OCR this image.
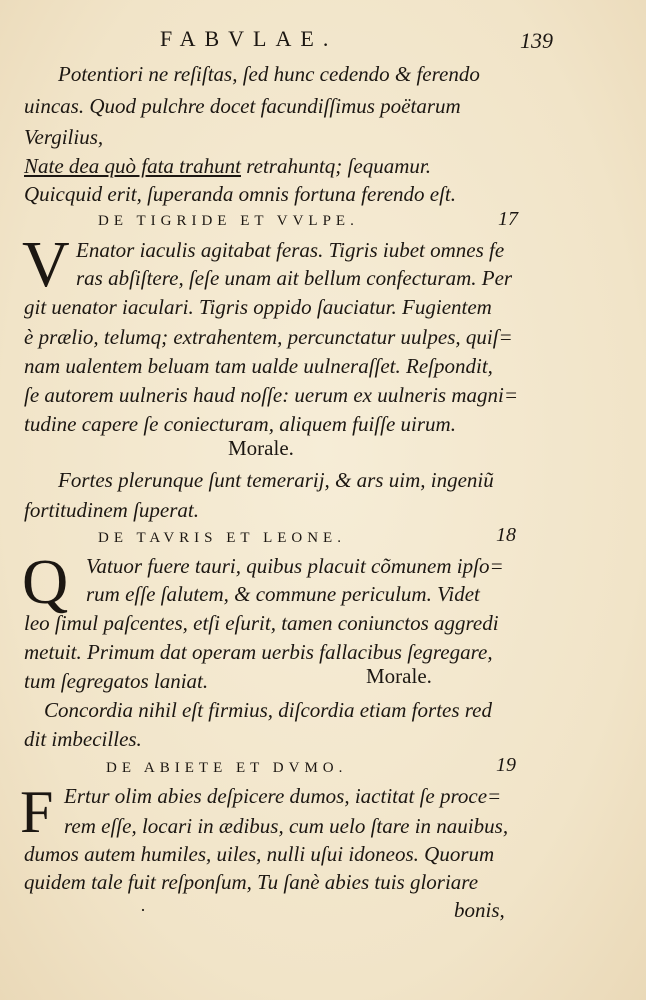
FABVLAE.	139
Potentiori ne reſiſtas, ſed hunc cedendo & ferendo
uincas. Quod pulchre docet facundiſſimus poëtarum
Vergilius,
Nate dea quò fata trahunt retrahuntq; ſequamur.
Quicquid erit, ſuperanda omnis fortuna ferendo eſt.
DE TIGRIDE ET VVLPE.	17
V Enator iaculis agitabat feras. Tigris iubet omnes fe
ras abſiſtere, ſeſe unam ait bellum confecturam. Per
git uenator iaculari. Tigris oppido ſauciatur. Fugientem
è prælio, telumq; extrahentem, percunctatur uulpes, quiſ=
nam ualentem beluam tam ualde uulneraſſet. Reſpondit,
ſe autorem uulneris haud noſſe: uerum ex uulneris magni=
tudine capere ſe coniecturam, aliquem fuiſſe uirum.
Morale.
Fortes plerunque ſunt temerarij, & ars uim, ingeniũ
fortitudinem ſuperat.
DE TAVRIS ET LEONE.	18
Q Vatuor fuere tauri, quibus placuit cõmunem ipſo=
rum eſſe ſalutem, & commune periculum. Videt
leo ſimul paſcentes, etſi eſurit, tamen coniunctos aggredi
metuit. Primum dat operam uerbis fallacibus ſegregare,
tum ſegregatos laniat.	Morale.
Concordia nihil eſt firmius, diſcordia etiam fortes red
dit imbecilles.
DE ABIETE ET DVMO.	19
F Ertur olim abies deſpicere dumos, iactitat ſe proce=
rem eſſe, locari in ædibus, cum uelo ſtare in nauibus,
dumos autem humiles, uiles, nulli uſui idoneos. Quorum
quidem tale fuit reſponſum, Tu ſanè abies tuis gloriare
bonis,
·
